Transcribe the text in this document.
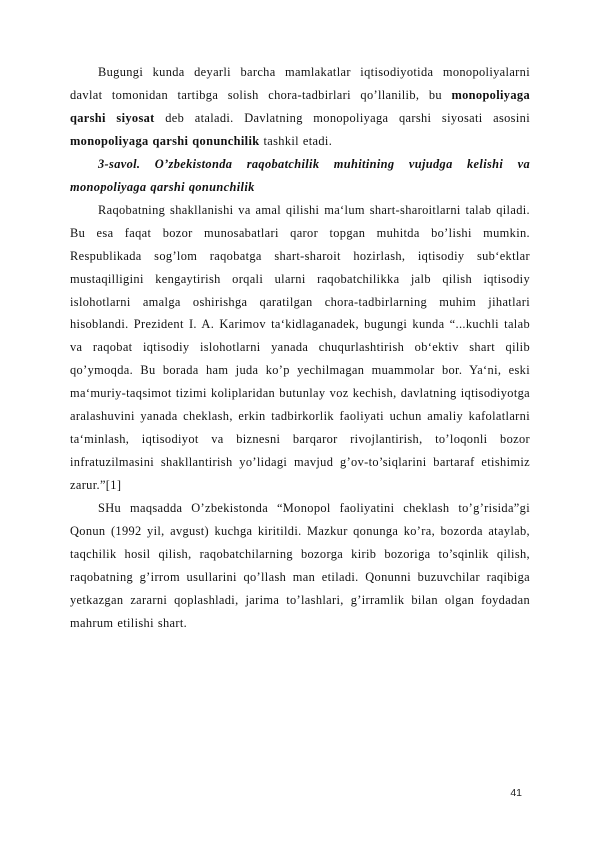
Bugungi kunda deyarli barcha mamlakatlar iqtisodiyotida monopoliyalarni davlat tomonidan tartibga solish chora-tadbirlari qo’llanilib, bu monopoliyaga qarshi siyosat deb ataladi. Davlatning monopoliyaga qarshi siyosati asosini monopoliyaga qarshi qonunchilik tashkil etadi.

3-savol. O’zbekistonda raqobatchilik muhitining vujudga kelishi va monopoliyaga qarshi qonunchilik

Raqobatning shakllanishi va amal qilishi ma‘lum shart-sharoitlarni talab qiladi. Bu esa faqat bozor munosabatlari qaror topgan muhitda bo’lishi mumkin. Respublikada sog’lom raqobatga shart-sharoit hozirlash, iqtisodiy sub‘ektlar mustaqilligini kengaytirish orqali ularni raqobatchilikka jalb qilish iqtisodiy islohotlarni amalga oshirishga qaratilgan chora-tadbirlarning muhim jihatlari hisoblandi. Prezident I. A. Karimov ta‘kidlaganadek, bugungi kunda “...kuchli talab va raqobat iqtisodiy islohotlarni yanada chuqurlashtirish ob‘ektiv shart qilib qo’ymoqda. Bu borada ham juda ko’p yechilmagan muammolar bor. Ya‘ni, eski ma‘muriy-taqsimot tizimi koliplaridan butunlay voz kechish, davlatning iqtisodiyotga aralashuvini yanada cheklash, erkin tadbirkorlik faoliyati uchun amaliy kafolatlarni ta‘minlash, iqtisodiyot va biznesni barqaror rivojlantirish, to’loqonli bozor infratuzilmasini shakllantirish yo’lidagi mavjud g’ov-to’siqlarini bartaraf etishimiz zarur.”[1]

SHu maqsadda O’zbekistonda “Monopol faoliyatini cheklash to’g’risida”gi Qonun (1992 yil, avgust) kuchga kiritildi. Mazkur qonunga ko’ra, bozorda ataylab, taqchilik hosil qilish, raqobatchilarning bozorga kirib bozoriga to’sqinlik qilish, raqobatning g’irrom usullarini qo’llash man etiladi. Qonunni buzuvchilar raqibiga yetkazgan zararni qoplashladi, jarima to’lashlari, g’irramlik bilan olgan foydadan mahrum etilishi shart.

41
